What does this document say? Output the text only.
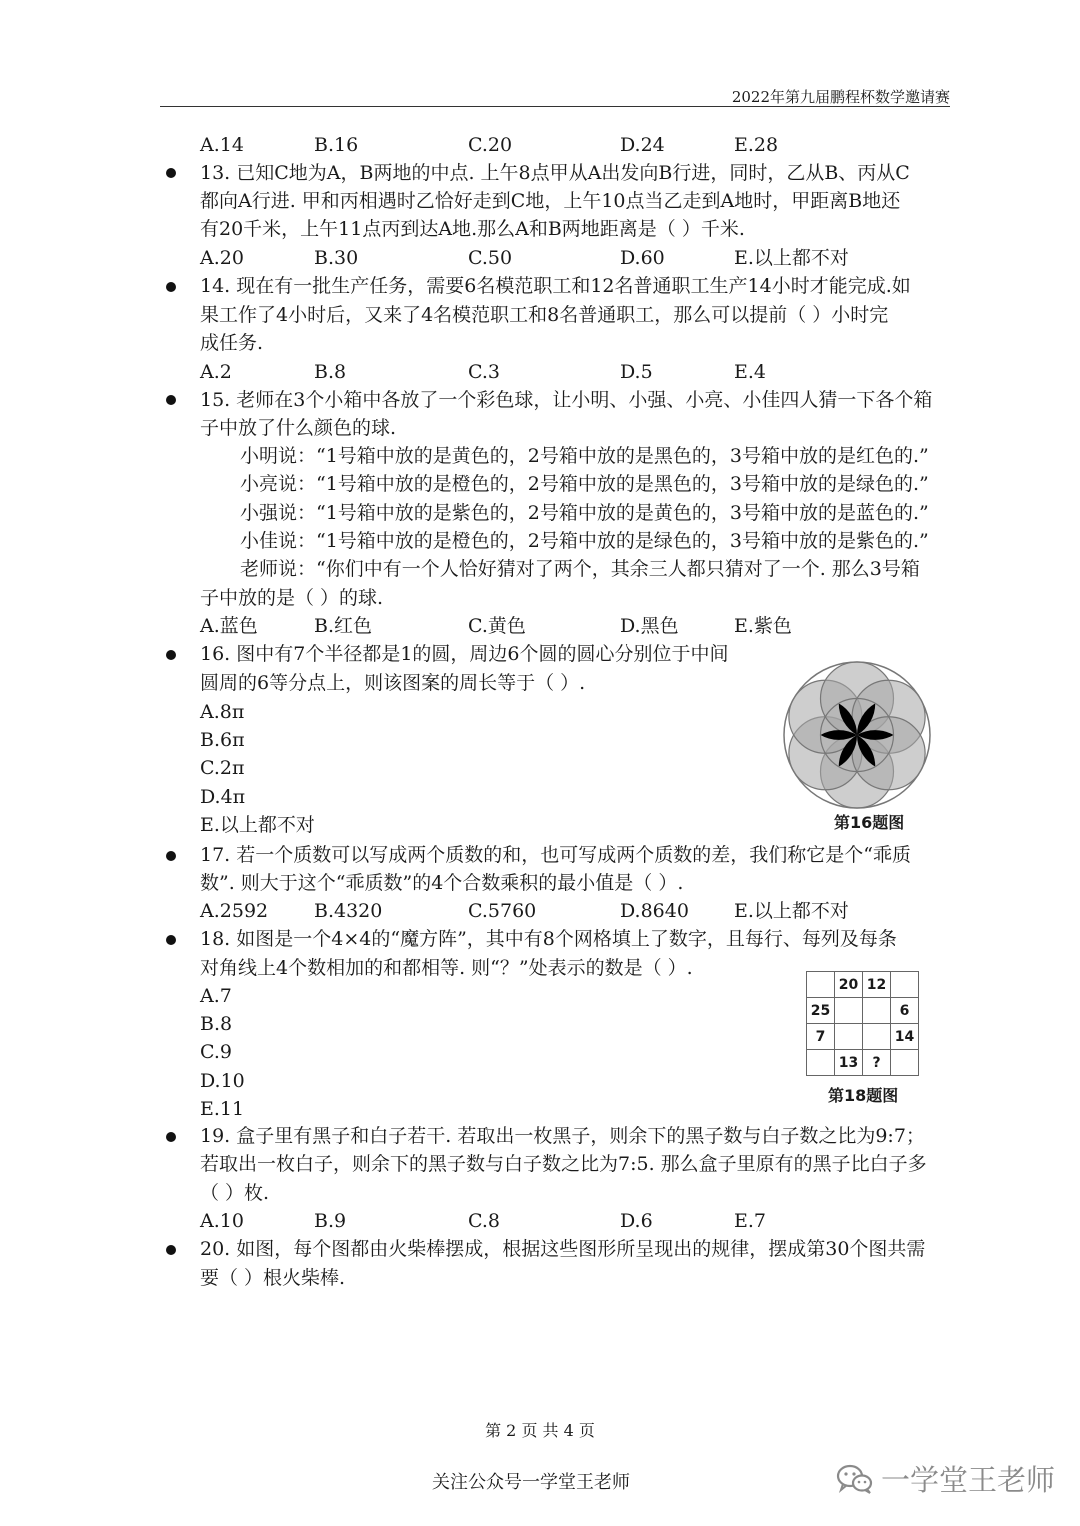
2022年第九届鹏程杯数学邀请赛
A.14	B.16	C.20	D.24	E.28
13. 已知C地为A，B两地的中点. 上午8点甲从A出发向B行进，同时，乙从B、丙从C
都向A行进. 甲和丙相遇时乙恰好走到C地，上午10点当乙走到A地时，甲距离B地还
有20千米，上午11点丙到达A地.那么A和B两地距离是（ ）千米.
A.20	B.30	C.50	D.60	E.以上都不对
14. 现在有一批生产任务，需要6名模范职工和12名普通职工生产14小时才能完成.如
果工作了4小时后，又来了4名模范职工和8名普通职工，那么可以提前（ ）小时完
成任务.
A.2	B.8	C.3	D.5	E.4
15. 老师在3个小箱中各放了一个彩色球，让小明、小强、小亮、小佳四人猜一下各个箱
子中放了什么颜色的球.
小明说：“1号箱中放的是黄色的，2号箱中放的是黑色的，3号箱中放的是红色的.”
小亮说：“1号箱中放的是橙色的，2号箱中放的是黑色的，3号箱中放的是绿色的.”
小强说：“1号箱中放的是紫色的，2号箱中放的是黄色的，3号箱中放的是蓝色的.”
小佳说：“1号箱中放的是橙色的，2号箱中放的是绿色的，3号箱中放的是紫色的.”
老师说：“你们中有一个人恰好猜对了两个，其余三人都只猜对了一个. 那么3号箱
子中放的是（ ）的球.
A.蓝色	B.红色	C.黄色	D.黑色	E.紫色
16. 图中有7个半径都是1的圆，周边6个圆的圆心分别位于中间
圆周的6等分点上，则该图案的周长等于（ ）.
A.8π
B.6π
C.2π
D.4π
E.以上都不对	第16题图
17. 若一个质数可以写成两个质数的和，也可写成两个质数的差，我们称它是个“乖质
数”. 则大于这个“乖质数”的4个合数乘积的最小值是（ ）.
A.2592 B.4320	C.5760	D.8640 E.以上都不对
18. 如图是一个4×4的“魔方阵”，其中有8个网格填上了数字，且每行、每列及每条
对角线上4个数相加的和都相等. 则“？”处表示的数是（ ）.
A.7
B.8
C.9
D.10
E.11
	20	12	
25			6
7			14
	13	?	
第18题图
19. 盒子里有黑子和白子若干. 若取出一枚黑子，则余下的黑子数与白子数之比为9:7；
若取出一枚白子，则余下的黑子数与白子数之比为7:5. 那么盒子里原有的黑子比白子多
（ ）枚.
A.10	B.9	C.8	D.6	E.7
20. 如图，每个图都由火柴棒摆成，根据这些图形所呈现出的规律，摆成第30个图共需
要（ ）根火柴棒.
第 2 页 共 4 页
关注公众号一学堂王老师	一学堂王老师
